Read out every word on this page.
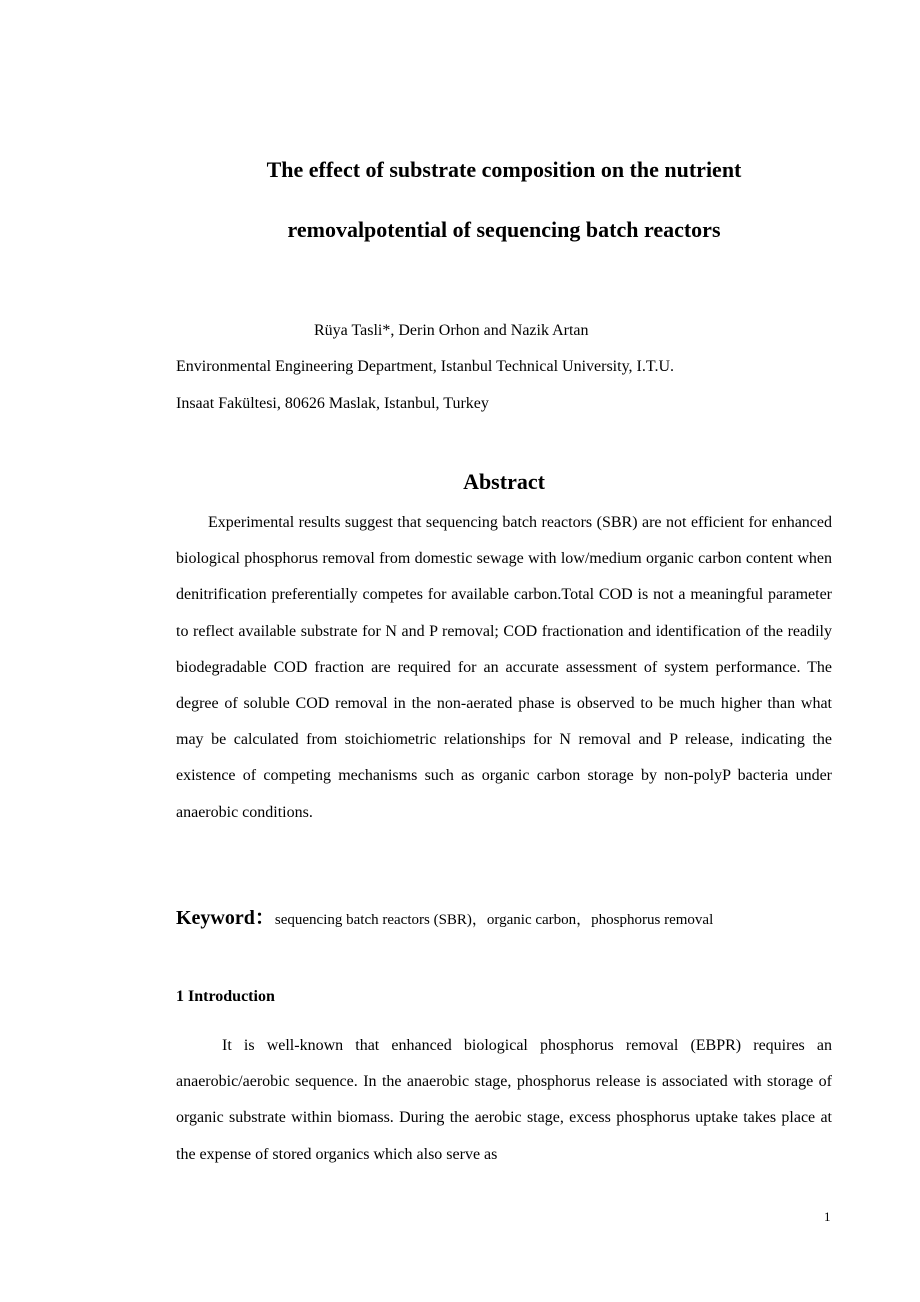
The effect of substrate composition on the nutrient
removalpotential of sequencing batch reactors
Rüya Tasli*, Derin Orhon and Nazik Artan
Environmental Engineering Department, Istanbul Technical University, I.T.U.
Insaat Fakültesi, 80626 Maslak, Istanbul, Turkey
Abstract
Experimental results suggest that sequencing batch reactors (SBR) are not efficient for enhanced biological phosphorus removal from domestic sewage with low/medium organic carbon content when denitrification preferentially competes for available carbon.Total COD is not a meaningful parameter to reflect available substrate for N and P removal; COD fractionation and identification of the readily biodegradable COD fraction are required for an accurate assessment of system performance. The degree of soluble COD removal in the non-aerated phase is observed to be much higher than what may be calculated from stoichiometric relationships for N removal and P release, indicating the existence of competing mechanisms such as organic carbon storage by non-polyP bacteria under anaerobic conditions.
Keyword：sequencing batch reactors (SBR)，organic carbon，phosphorus removal
1 Introduction
It is well-known that enhanced biological phosphorus removal (EBPR) requires an anaerobic/aerobic sequence. In the anaerobic stage, phosphorus release is associated with storage of organic substrate within biomass. During the aerobic stage, excess phosphorus uptake takes place at the expense of stored organics which also serve as
1
